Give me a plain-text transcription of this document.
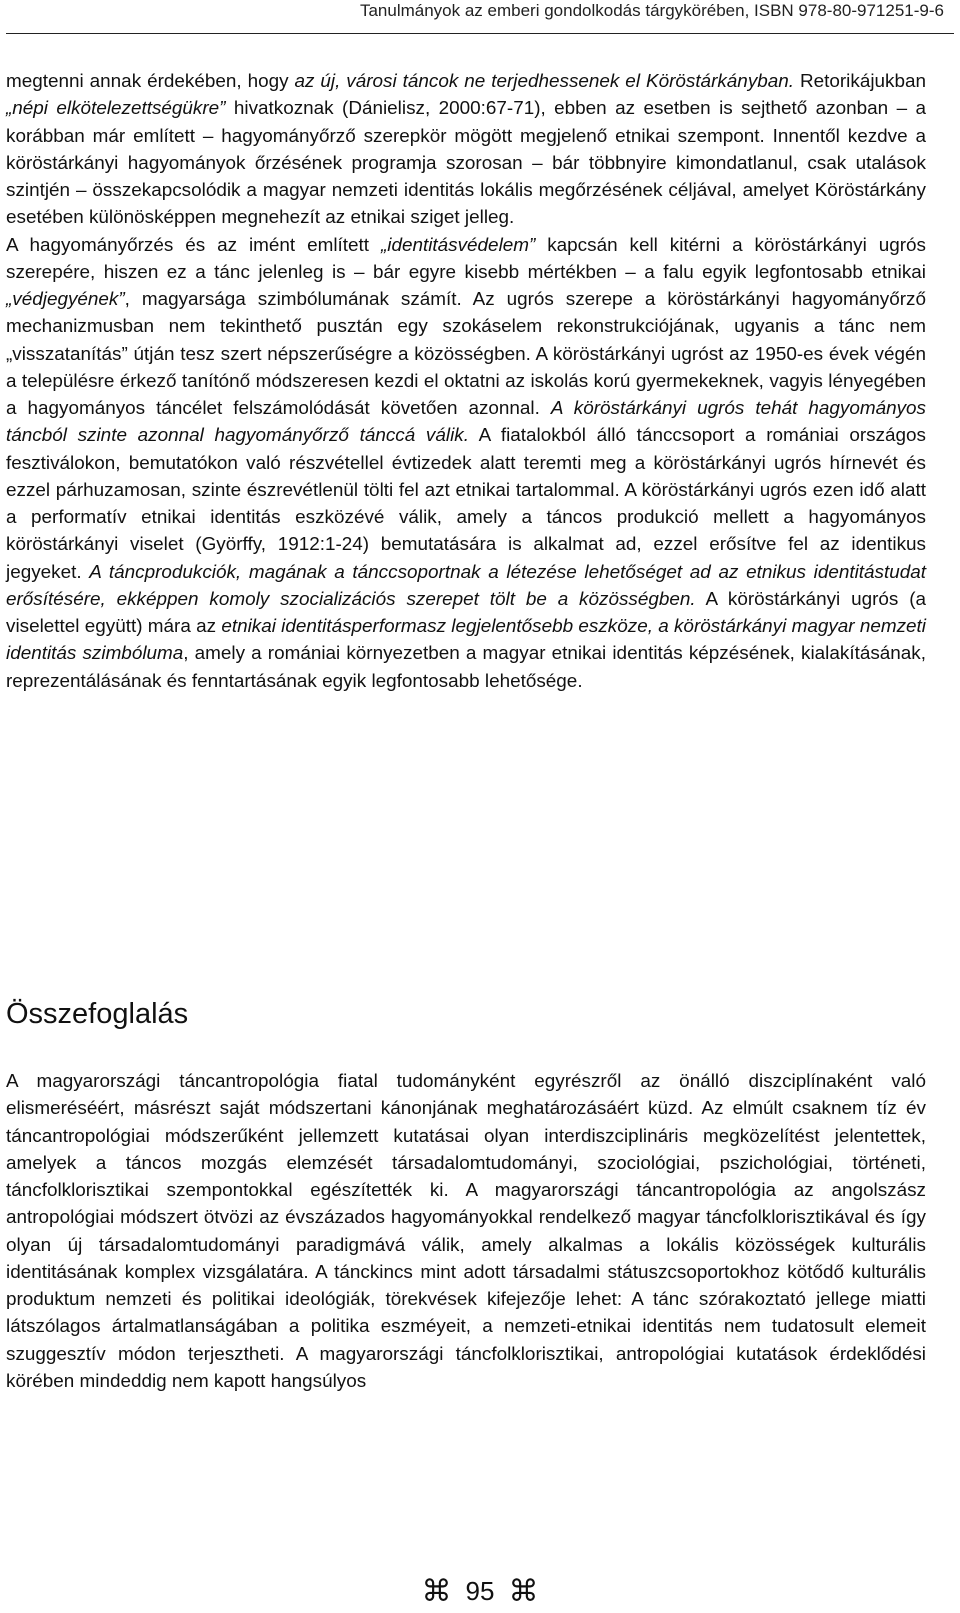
Tanulmányok az emberi gondolkodás tárgykörében, ISBN 978-80-971251-9-6

megtenni annak érdekében, hogy az új, városi táncok ne terjedhessenek el Köröstárkányban. Retorikájukban „népi elkötelezettségükre” hivatkoznak (Dánielisz, 2000:67-71), ebben az esetben is sejthető azonban – a korábban már említett – hagyományőrző szerepkör mögött megjelenő etnikai szempont. Innentől kezdve a köröstárkányi hagyományok őrzésének programja szorosan – bár többnyire kimondatlanul, csak utalások szintjén – összekapcsolódik a magyar nemzeti identitás lokális megőrzésének céljával, amelyet Köröstárkány esetében különösképpen megnehezít az etnikai sziget jelleg.

A hagyományőrzés és az imént említett „identitásvédelem” kapcsán kell kitérni a köröstárkányi ugrós szerepére, hiszen ez a tánc jelenleg is – bár egyre kisebb mértékben – a falu egyik legfontosabb etnikai „védjegyének”, magyarsága szimbólumának számít. Az ugrós szerepe a köröstárkányi hagyományőrző mechanizmusban nem tekinthető pusztán egy szokáselem rekonstrukciójának, ugyanis a tánc nem „visszatanítás” útján tesz szert népszerűségre a közösségben. A köröstárkányi ugróst az 1950-es évek végén a településre érkező tanítónő módszeresen kezdi el oktatni az iskolás korú gyermekeknek, vagyis lényegében a hagyományos táncélet felszámolódását követően azonnal. A köröstárkányi ugrós tehát hagyományos táncból szinte azonnal hagyományőrző tánccá válik. A fiatalokból álló tánccsoport a romániai országos fesztiválokon, bemutatókon való részvétellel évtizedek alatt teremti meg a köröstárkányi ugrós hírnevét és ezzel párhuzamosan, szinte észrevétlenül tölti fel azt etnikai tartalommal. A köröstárkányi ugrós ezen idő alatt a performatív etnikai identitás eszközévé válik, amely a táncos produkció mellett a hagyományos köröstárkányi viselet (Györffy, 1912:1-24) bemutatására is alkalmat ad, ezzel erősítve fel az identikus jegyeket. A táncprodukciók, magának a tánccsoportnak a létezése lehetőséget ad az etnikus identitástudat erősítésére, ekképpen komoly szocializációs szerepet tölt be a közösségben. A köröstárkányi ugrós (a viselettel együtt) mára az etnikai identitásperformasz legjelentősebb eszköze, a köröstárkányi magyar nemzeti identitás szimbóluma, amely a romániai környezetben a magyar etnikai identitás képzésének, kialakításának, reprezentálásának és fenntartásának egyik legfontosabb lehetősége.

Összefoglalás

A magyarországi táncantropológia fiatal tudományként egyrészről az önálló diszciplínaként való elismeréséért, másrészt saját módszertani kánonjának meghatározásáért küzd. Az elmúlt csaknem tíz év táncantropológiai módszerűként jellemzett kutatásai olyan interdiszciplináris megközelítést jelentettek, amelyek a táncos mozgás elemzését társadalomtudományi, szociológiai, pszichológiai, történeti, táncfolklorisztikai szempontokkal egészítették ki. A magyarországi táncantropológia az angolszász antropológiai módszert ötvözi az évszázados hagyományokkal rendelkező magyar táncfolklorisztikával és így olyan új társadalomtudományi paradigmává válik, amely alkalmas a lokális közösségek kulturális identitásának komplex vizsgálatára. A tánckincs mint adott társadalmi státuszcsoportokhoz kötődő kulturális produktum nemzeti és politikai ideológiák, törekvések kifejezője lehet: A tánc szórakoztató jellege miatti látszólagos ártalmatlanságában a politika eszméyeit, a nemzeti-etnikai identitás nem tudatosult elemeit szuggesztív módon terjesztheti. A magyarországi táncfolklorisztikai, antropológiai kutatások érdeklődési körében mindeddig nem kapott hangsúlyos

⌘ 95 ⌘
